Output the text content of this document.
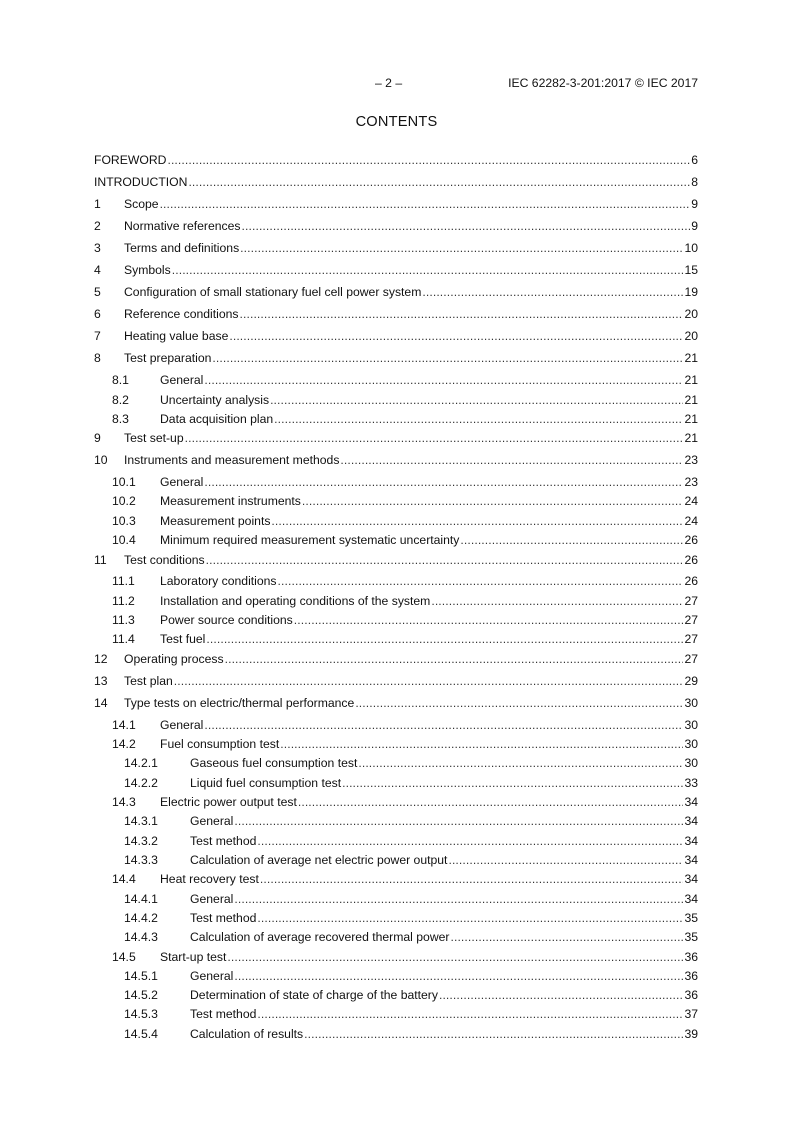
– 2 –	IEC 62282-3-201:2017 © IEC 2017
CONTENTS
FOREWORD .....	6
INTRODUCTION .....	8
1	Scope .....	9
2	Normative references .....	9
3	Terms and definitions .....	10
4	Symbols .....	15
5	Configuration of small stationary fuel cell power system .....	19
6	Reference conditions .....	20
7	Heating value base .....	20
8	Test preparation .....	21
8.1	General .....	21
8.2	Uncertainty analysis .....	21
8.3	Data acquisition plan .....	21
9	Test set-up .....	21
10	Instruments and measurement methods .....	23
10.1	General .....	23
10.2	Measurement instruments .....	24
10.3	Measurement points .....	24
10.4	Minimum required measurement systematic uncertainty .....	26
11	Test conditions .....	26
11.1	Laboratory conditions .....	26
11.2	Installation and operating conditions of the system .....	27
11.3	Power source conditions .....	27
11.4	Test fuel .....	27
12	Operating process .....	27
13	Test plan .....	29
14	Type tests on electric/thermal performance .....	30
14.1	General .....	30
14.2	Fuel consumption test .....	30
14.2.1	Gaseous fuel consumption test .....	30
14.2.2	Liquid fuel consumption test .....	33
14.3	Electric power output test .....	34
14.3.1	General .....	34
14.3.2	Test method .....	34
14.3.3	Calculation of average net electric power output .....	34
14.4	Heat recovery test .....	34
14.4.1	General .....	34
14.4.2	Test method .....	35
14.4.3	Calculation of average recovered thermal power .....	35
14.5	Start-up test .....	36
14.5.1	General .....	36
14.5.2	Determination of state of charge of the battery .....	36
14.5.3	Test method .....	37
14.5.4	Calculation of results .....	39
